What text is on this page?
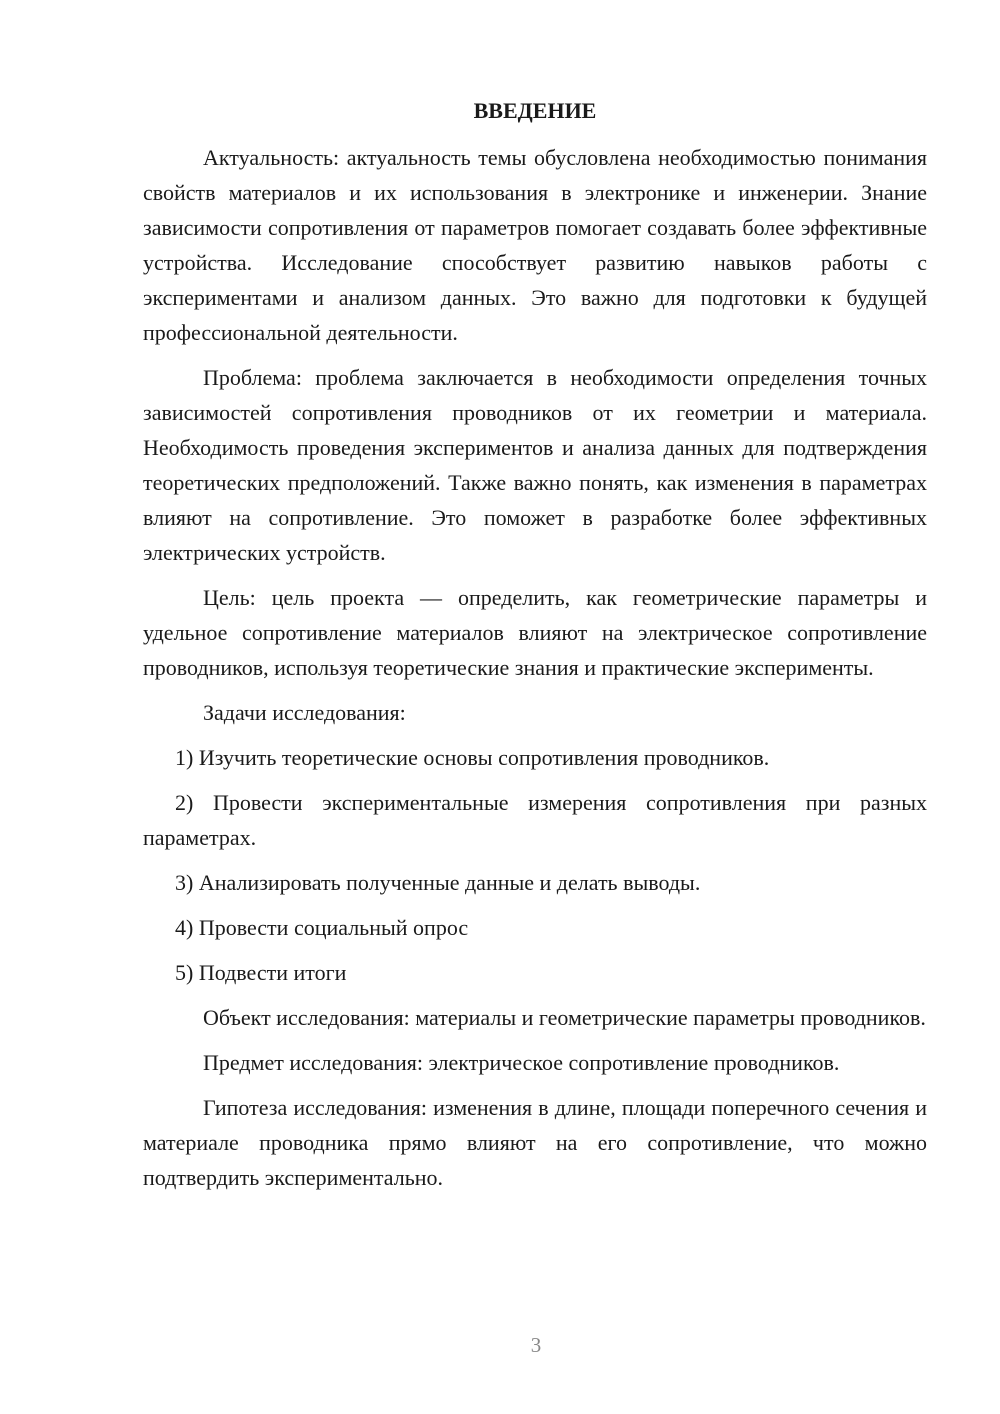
ВВЕДЕНИЕ

Актуальность: актуальность темы обусловлена необходимостью понимания свойств материалов и их использования в электронике и инженерии. Знание зависимости сопротивления от параметров помогает создавать более эффективные устройства. Исследование способствует развитию навыков работы с экспериментами и анализом данных. Это важно для подготовки к будущей профессиональной деятельности.

Проблема: проблема заключается в необходимости определения точных зависимостей сопротивления проводников от их геометрии и материала. Необходимость проведения экспериментов и анализа данных для подтверждения теоретических предположений. Также важно понять, как изменения в параметрах влияют на сопротивление. Это поможет в разработке более эффективных электрических устройств.

Цель: цель проекта — определить, как геометрические параметры и удельное сопротивление материалов влияют на электрическое сопротивление проводников, используя теоретические знания и практические эксперименты.

Задачи исследования:

1) Изучить теоретические основы сопротивления проводников.

2) Провести экспериментальные измерения сопротивления при разных параметрах.

3) Анализировать полученные данные и делать выводы.

4) Провести социальный опрос

5) Подвести итоги

Объект исследования: материалы и геометрические параметры проводников.

Предмет исследования: электрическое сопротивление проводников.

Гипотеза исследования: изменения в длине, площади поперечного сечения и материале проводника прямо влияют на его сопротивление, что можно подтвердить экспериментально.

3
